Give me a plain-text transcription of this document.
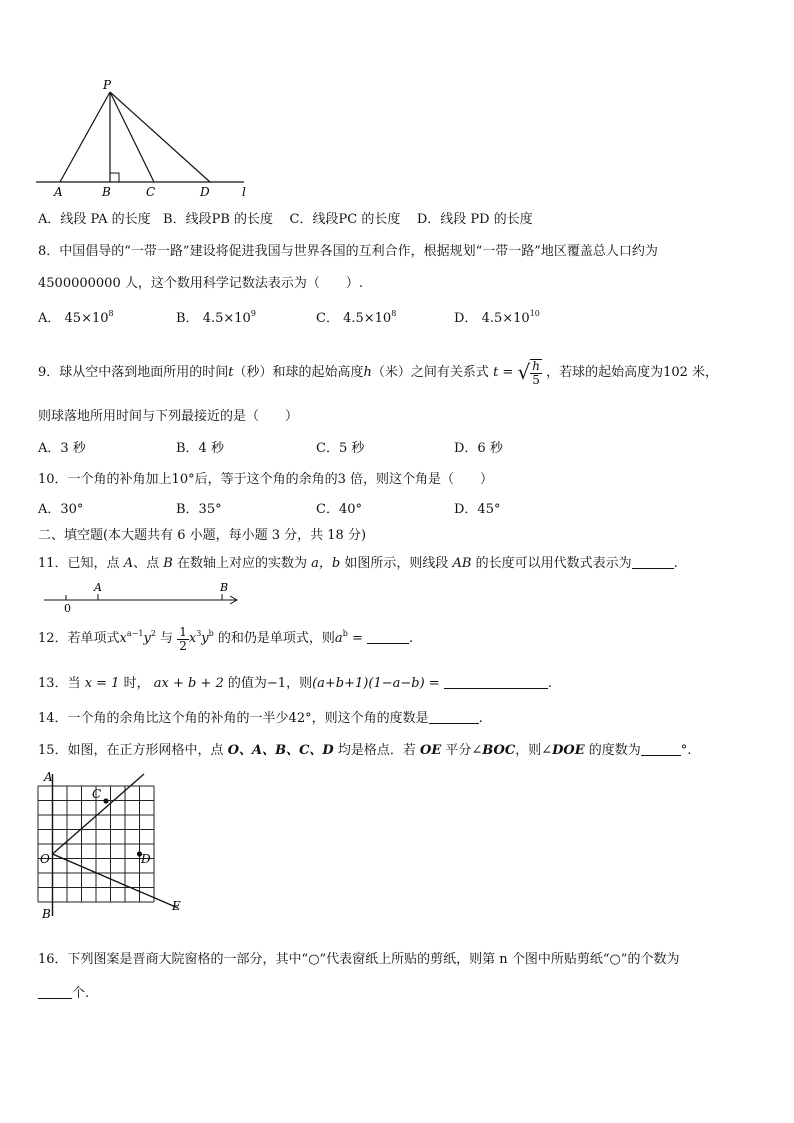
P
A	B	C	D	l
A．线段 PA 的长度 B．线段PB 的长度 C．线段PC 的长度 D．线段 PD 的长度
8．中国倡导的“一带一路”建设将促进我国与世界各国的互利合作，根据规划“一带一路”地区覆盖总人口约为
4500000000 人，这个数用科学记数法表示为（　　）.
A． $45\times 10^8$	B． $4.5\times 10^9$	C． $4.5\times 10^8$	D． $4.5\times 10^{10}$
9．球从空中落到地面所用的时间t（秒）和球的起始高度h（米）之间有关系式 t = √ $\frac{h}{5}$ ，若球的起始高度为102 米，
则球落地所用时间与下列最接近的是（　　）
A．3 秒	B．4 秒	C．5 秒	D．6 秒
10．一个角的补角加上10°后，等于这个角的余角的3 倍，则这个角是（　　）
A．30°	B．35°	C．40°	D．45°
二、填空题(本大题共有 6 小题，每小题 3 分，共 18 分)
11．已知，点 A、点 B 在数轴上对应的实数为 a，b 如图所示，则线段 AB 的长度可以用代数式表示为	.
A	B
0
12．若单项式$x^{a-1}y^2$ 与 $\frac{1}{2} x^3y^b$ 的和仍是单项式，则$a^b$ =	.
13．当 x = 1 时， ax + b + 2 的值为−1，则(a+b+1)(1−a−b) =	.
14．一个角的余角比这个角的补角的一半少42°，则这个角的度数是	.
15．如图，在正方形网格中，点 O、A、B、C、D 均是格点．若 OE 平分∠BOC，则∠DOE 的度数为	°.
A
C
O	D
B
E
16．下列图案是晋商大院窗格的一部分，其中“○”代表窗纸上所贴的剪纸，则第 n 个图中所贴剪纸“○”的个数为
个.
